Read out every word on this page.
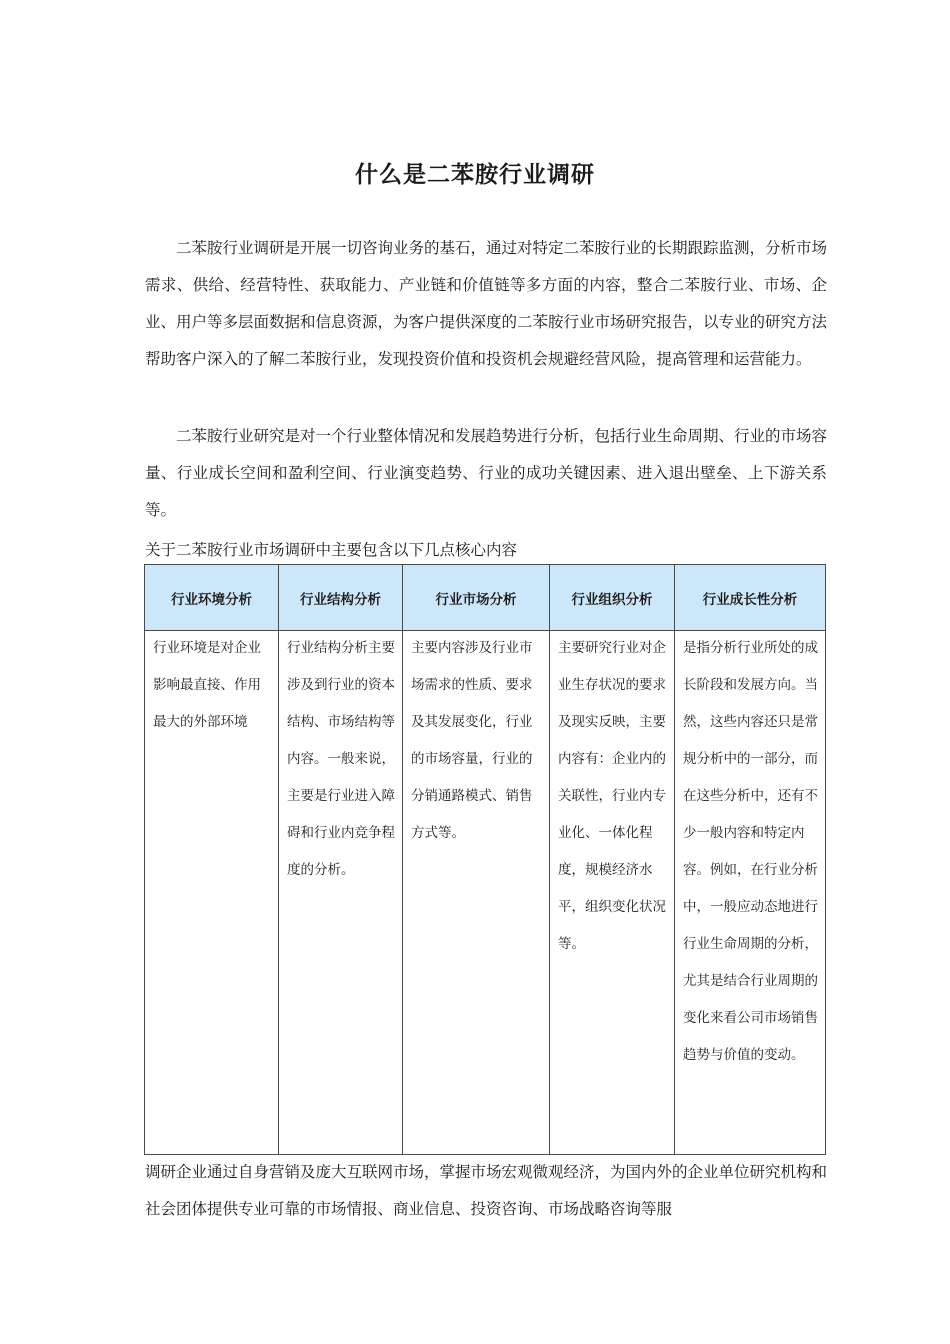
什么是二苯胺行业调研

二苯胺行业调研是开展一切咨询业务的基石，通过对特定二苯胺行业的长期跟踪监测，分析市场需求、供给、经营特性、获取能力、产业链和价值链等多方面的内容，整合二苯胺行业、市场、企业、用户等多层面数据和信息资源，为客户提供深度的二苯胺行业市场研究报告，以专业的研究方法帮助客户深入的了解二苯胺行业，发现投资价值和投资机会规避经营风险，提高管理和运营能力。

二苯胺行业研究是对一个行业整体情况和发展趋势进行分析，包括行业生命周期、行业的市场容量、行业成长空间和盈利空间、行业演变趋势、行业的成功关键因素、进入退出壁垒、上下游关系等。

关于二苯胺行业市场调研中主要包含以下几点核心内容

行业环境分析	行业结构分析	行业市场分析	行业组织分析	行业成长性分析

行业环境是对企业影响最直接、作用最大的外部环境	行业结构分析主要涉及到行业的资本结构、市场结构等内容。一般来说，主要是行业进入障碍和行业内竞争程度的分析。	主要内容涉及行业市场需求的性质、要求及其发展变化，行业的市场容量，行业的分销通路模式、销售方式等。	主要研究行业对企业生存状况的要求及现实反映，主要内容有：企业内的关联性，行业内专业化、一体化程度，规模经济水平，组织变化状况等。	是指分析行业所处的成长阶段和发展方向。当然，这些内容还只是常规分析中的一部分，而在这些分析中，还有不少一般内容和特定内容。例如，在行业分析中，一般应动态地进行行业生命周期的分析，尤其是结合行业周期的变化来看公司市场销售趋势与价值的变动。

调研企业通过自身营销及庞大互联网市场，掌握市场宏观微观经济，为国内外的企业单位研究机构和社会团体提供专业可靠的市场情报、商业信息、投资咨询、市场战略咨询等服
